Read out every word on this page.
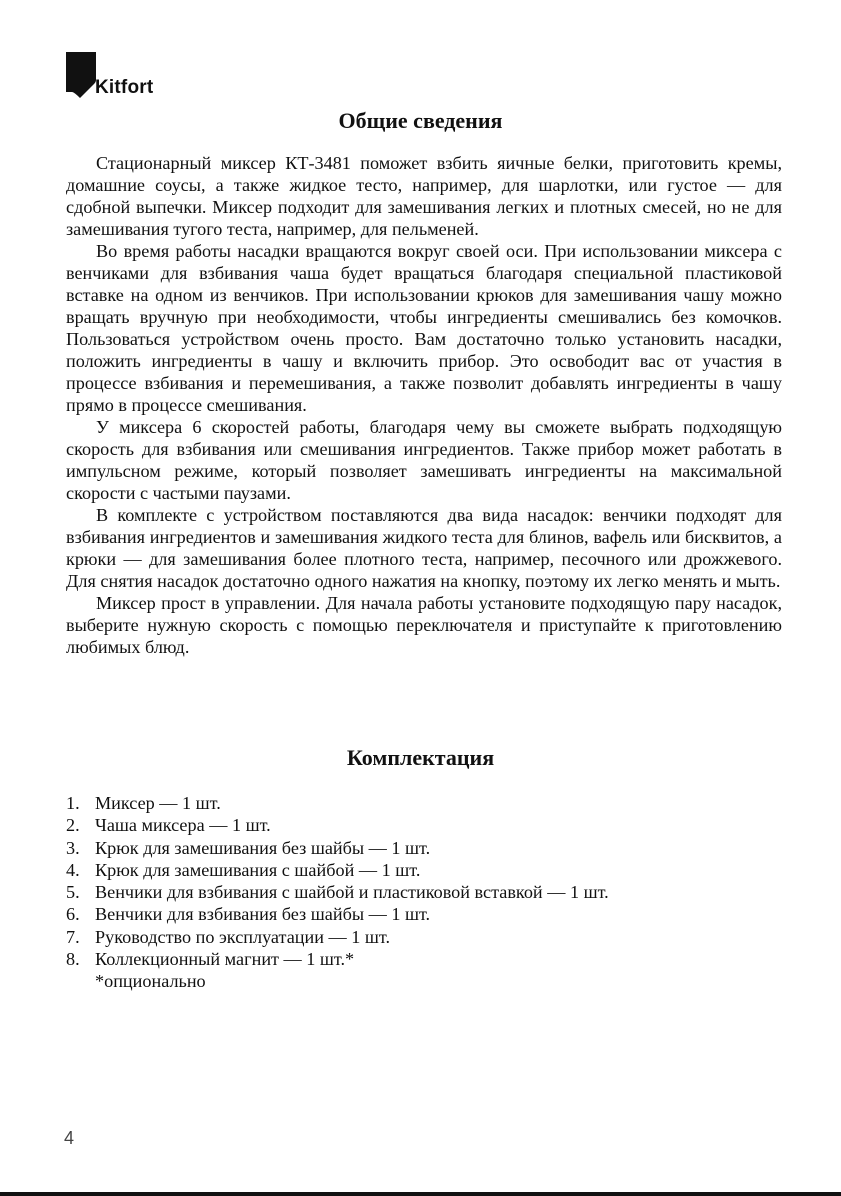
Kitfort
Общие сведения

Стационарный миксер КТ-3481 поможет взбить яичные белки, приготовить кремы, домашние соусы, а также жидкое тесто, например, для шарлотки, или густое — для сдобной выпечки. Миксер подходит для замешивания легких и плотных смесей, но не для замешивания тугого теста, например, для пельменей.

Во время работы насадки вращаются вокруг своей оси. При использовании миксера с венчиками для взбивания чаша будет вращаться благодаря специальной пластиковой вставке на одном из венчиков. При использовании крюков для замешивания чашу можно вращать вручную при необходимости, чтобы ингредиенты смешивались без комочков. Пользоваться устройством очень просто. Вам достаточно только установить насадки, положить ингредиенты в чашу и включить прибор. Это освободит вас от участия в процессе взбивания и перемешивания, а также позволит добавлять ингредиенты в чашу прямо в процессе смешивания.

У миксера 6 скоростей работы, благодаря чему вы сможете выбрать подходящую скорость для взбивания или смешивания ингредиентов. Также прибор может работать в импульсном режиме, который позволяет замешивать ингредиенты на максимальной скорости с частыми паузами.

В комплекте с устройством поставляются два вида насадок: венчики подходят для взбивания ингредиентов и замешивания жидкого теста для блинов, вафель или бисквитов, а крюки — для замешивания более плотного теста, например, песочного или дрожжевого. Для снятия насадок достаточно одного нажатия на кнопку, поэтому их легко менять и мыть.

Миксер прост в управлении. Для начала работы установите подходящую пару насадок, выберите нужную скорость с помощью переключателя и приступайте к приготовлению любимых блюд.

Комплектация
1. Миксер — 1 шт.
2. Чаша миксера — 1 шт.
3. Крюк для замешивания без шайбы — 1 шт.
4. Крюк для замешивания с шайбой — 1 шт.
5. Венчики для взбивания с шайбой и пластиковой вставкой — 1 шт.
6. Венчики для взбивания без шайбы — 1 шт.
7. Руководство по эксплуатации — 1 шт.
8. Коллекционный магнит — 1 шт.*
*опционально
4
